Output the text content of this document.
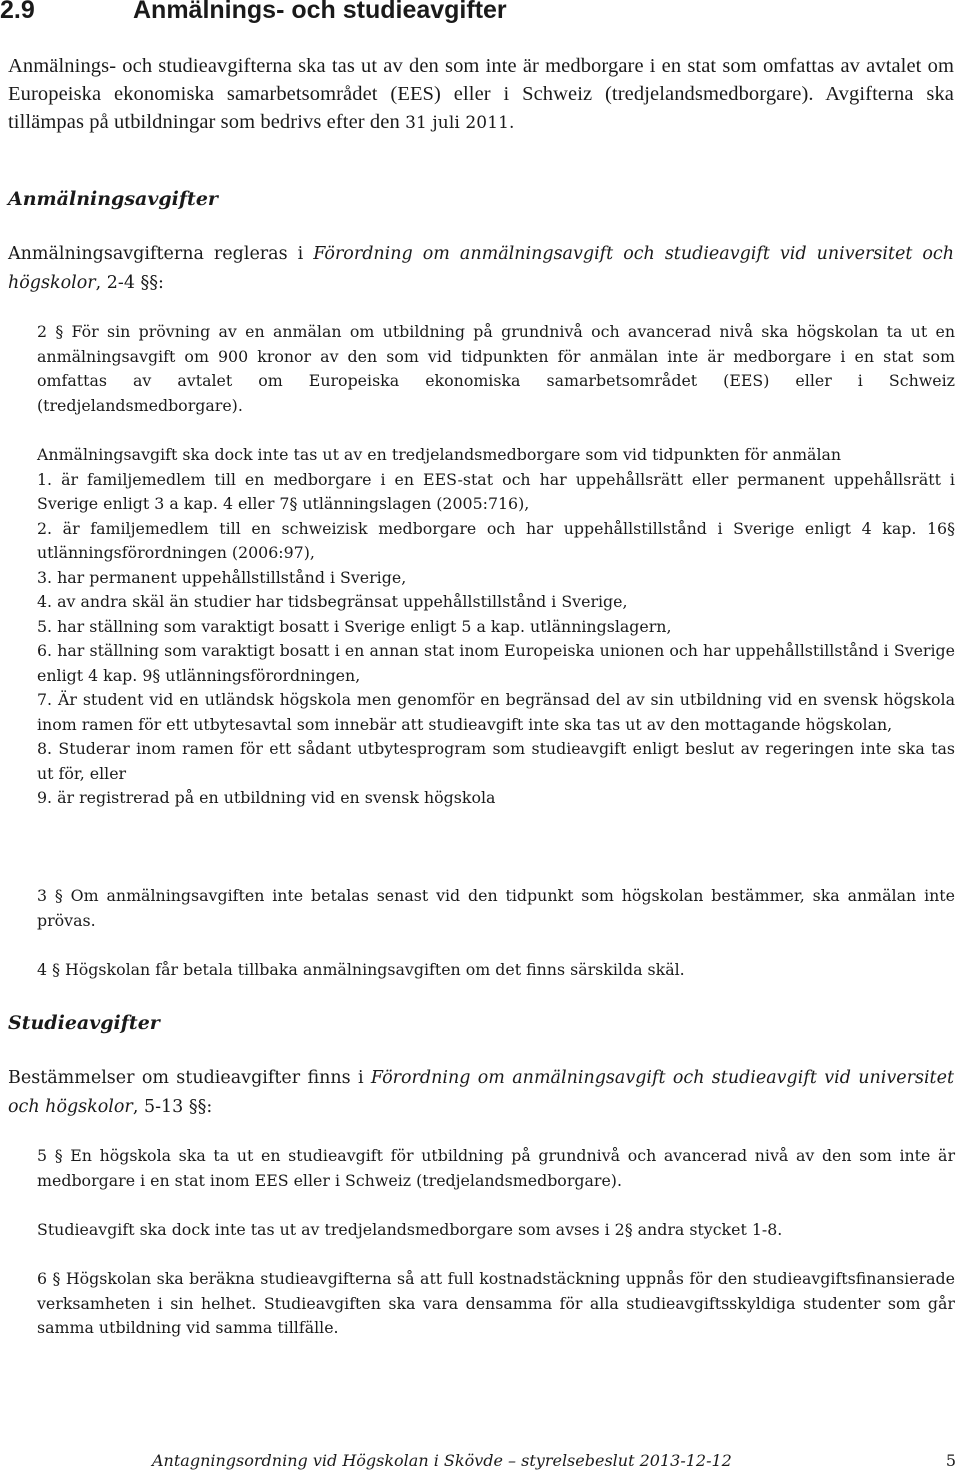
2.9	Anmälnings- och studieavgifter

Anmälnings- och studieavgifterna ska tas ut av den som inte är medborgare i en stat som omfattas av avtalet om Europeiska ekonomiska samarbetsområdet (EES) eller i Schweiz (tredjelandsmedborgare). Avgifterna ska tillämpas på utbildningar som bedrivs efter den 31 juli 2011.

Anmälningsavgifter

Anmälningsavgifterna regleras i Förordning om anmälningsavgift och studieavgift vid universitet och högskolor, 2-4 §§:

2 § För sin prövning av en anmälan om utbildning på grundnivå och avancerad nivå ska högskolan ta ut en anmälningsavgift om 900 kronor av den som vid tidpunkten för anmälan inte är medborgare i en stat som omfattas av avtalet om Europeiska ekonomiska samarbetsområdet (EES) eller i Schweiz (tredjelandsmedborgare).

Anmälningsavgift ska dock inte tas ut av en tredjelandsmedborgare som vid tidpunkten för anmälan
1. är familjemedlem till en medborgare i en EES-stat och har uppehållsrätt eller permanent uppehållsrätt i Sverige enligt 3 a kap. 4 eller 7§ utlänningslagen (2005:716),
2. är familjemedlem till en schweizisk medborgare och har uppehållstillstånd i Sverige enligt 4 kap. 16§ utlänningsförordningen (2006:97),
3. har permanent uppehållstillstånd i Sverige,
4. av andra skäl än studier har tidsbegränsat uppehållstillstånd i Sverige,
5. har ställning som varaktigt bosatt i Sverige enligt 5 a kap. utlänningslagern,
6. har ställning som varaktigt bosatt i en annan stat inom Europeiska unionen och har uppehållstillstånd i Sverige enligt 4 kap. 9§ utlänningsförordningen,
7. Är student vid en utländsk högskola men genomför en begränsad del av sin utbildning vid en svensk högskola inom ramen för ett utbytesavtal som innebär att studieavgift inte ska tas ut av den mottagande högskolan,
8. Studerar inom ramen för ett sådant utbytesprogram som studieavgift enligt beslut av regeringen inte ska tas ut för, eller
9. är registrerad på en utbildning vid en svensk högskola

3 § Om anmälningsavgiften inte betalas senast vid den tidpunkt som högskolan bestämmer, ska anmälan inte prövas.

4 § Högskolan får betala tillbaka anmälningsavgiften om det finns särskilda skäl.

Studieavgifter

Bestämmelser om studieavgifter finns i Förordning om anmälningsavgift och studieavgift vid universitet och högskolor, 5-13 §§:

5 § En högskola ska ta ut en studieavgift för utbildning på grundnivå och avancerad nivå av den som inte är medborgare i en stat inom EES eller i Schweiz (tredjelandsmedborgare).

Studieavgift ska dock inte tas ut av tredjelandsmedborgare som avses i 2§ andra stycket 1-8.

6 § Högskolan ska beräkna studieavgifterna så att full kostnadstäckning uppnås för den studieavgiftsfinansierade verksamheten i sin helhet. Studieavgiften ska vara densamma för alla studieavgiftsskyldiga studenter som går samma utbildning vid samma tillfälle.

Antagningsordning vid Högskolan i Skövde – styrelsebeslut 2013-12-12	5
